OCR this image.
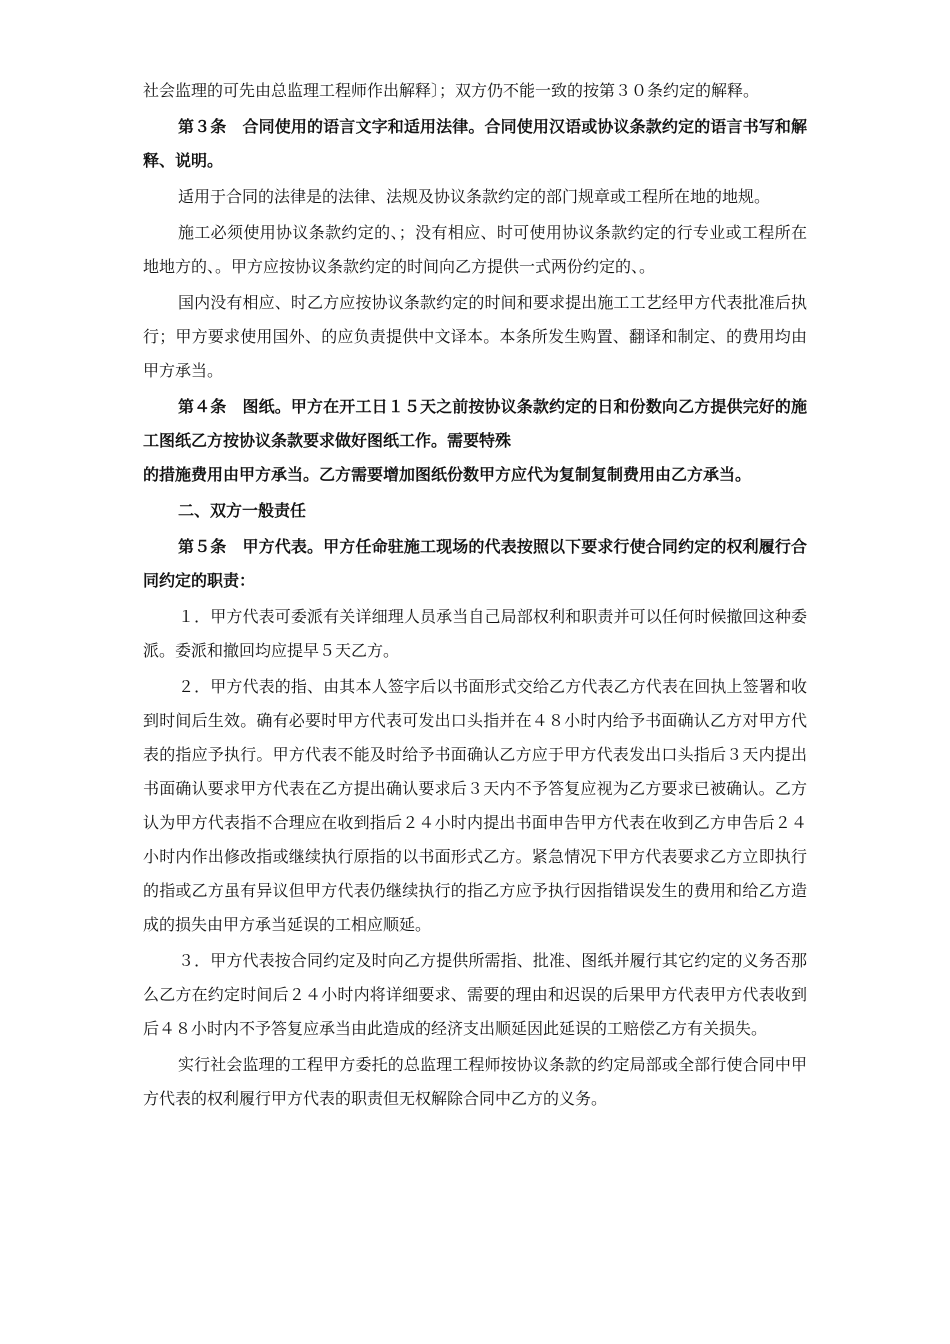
社会监理的可先由总监理工程师作出解释〕；双方仍不能一致的按第３０条约定的解释。

第３条　合同使用的语言文字和适用法律。合同使用汉语或协议条款约定的语言书写和解释、说明。

适用于合同的法律是的法律、法规及协议条款约定的部门规章或工程所在地的地规。

施工必须使用协议条款约定的、；没有相应、时可使用协议条款约定的行专业或工程所在地地方的、。甲方应按协议条款约定的时间向乙方提供一式两份约定的、。

国内没有相应、时乙方应按协议条款约定的时间和要求提出施工工艺经甲方代表批准后执行；甲方要求使用国外、的应负责提供中文译本。本条所发生购置、翻译和制定、的费用均由甲方承当。

第４条　图纸。甲方在开工日１５天之前按协议条款约定的日和份数向乙方提供完好的施工图纸乙方按协议条款要求做好图纸工作。需要特殊

的措施费用由甲方承当。乙方需要增加图纸份数甲方应代为复制复制费用由乙方承当。

二、双方一般责任

第５条　甲方代表。甲方任命驻施工现场的代表按照以下要求行使合同约定的权利履行合同约定的职责：

１．甲方代表可委派有关详细理人员承当自己局部权利和职责并可以任何时候撤回这种委派。委派和撤回均应提早５天乙方。

２．甲方代表的指、由其本人签字后以书面形式交给乙方代表乙方代表在回执上签署和收到时间后生效。确有必要时甲方代表可发出口头指并在４８小时内给予书面确认乙方对甲方代表的指应予执行。甲方代表不能及时给予书面确认乙方应于甲方代表发出口头指后３天内提出书面确认要求甲方代表在乙方提出确认要求后３天内不予答复应视为乙方要求已被确认。乙方认为甲方代表指不合理应在收到指后２４小时内提出书面申告甲方代表在收到乙方申告后２４小时内作出修改指或继续执行原指的以书面形式乙方。紧急情况下甲方代表要求乙方立即执行的指或乙方虽有异议但甲方代表仍继续执行的指乙方应予执行因指错误发生的费用和给乙方造成的损失由甲方承当延误的工相应顺延。

３．甲方代表按合同约定及时向乙方提供所需指、批准、图纸并履行其它约定的义务否那么乙方在约定时间后２４小时内将详细要求、需要的理由和迟误的后果甲方代表甲方代表收到后４８小时内不予答复应承当由此造成的经济支出顺延因此延误的工赔偿乙方有关损失。

实行社会监理的工程甲方委托的总监理工程师按协议条款的约定局部或全部行使合同中甲方代表的权利履行甲方代表的职责但无权解除合同中乙方的义务。
